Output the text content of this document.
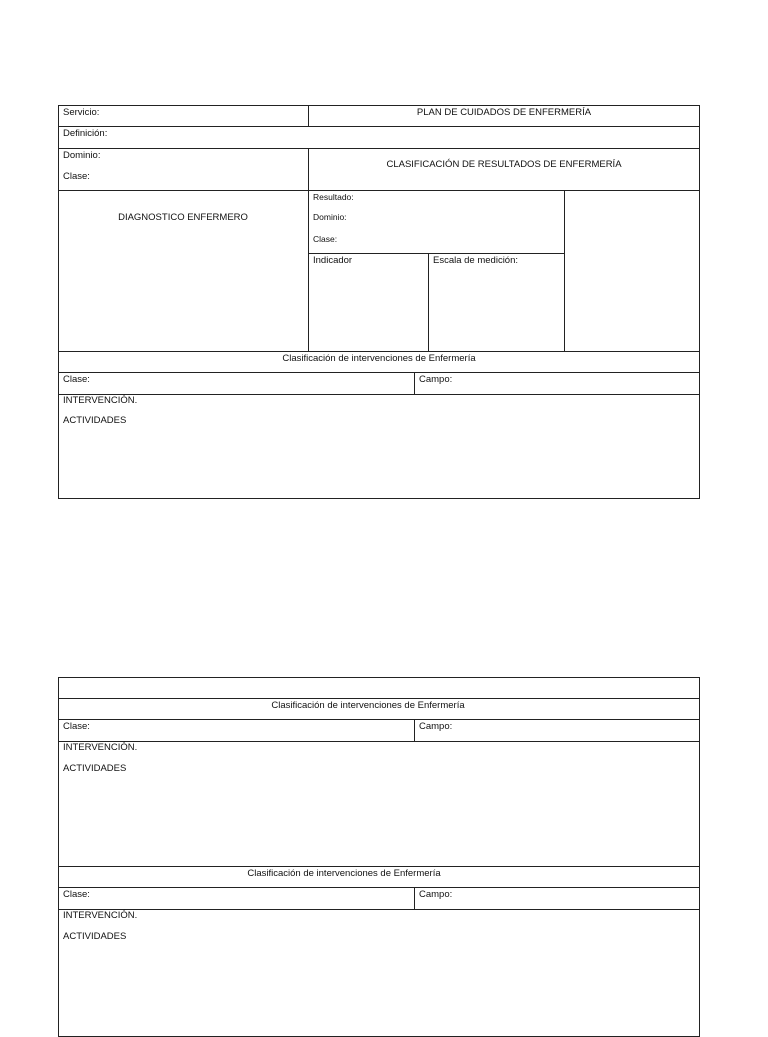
Servicio:	PLAN DE CUIDADOS DE ENFERMERÍA
Definición:
Dominio:
Clase:
CLASIFICACIÓN DE RESULTADOS DE ENFERMERÍA
DIAGNOSTICO ENFERMERO
Resultado:
Dominio:
Clase:
Indicador	Escala de medición:
Clasificación de intervenciones de Enfermería
Clase:	Campo:
INTERVENCIÓN.
ACTIVIDADES
Clasificación de intervenciones de Enfermería
Clase:	Campo:
INTERVENCIÓN.
ACTIVIDADES
Clasificación de intervenciones de Enfermería
Clase:	Campo:
INTERVENCIÓN.
ACTIVIDADES
